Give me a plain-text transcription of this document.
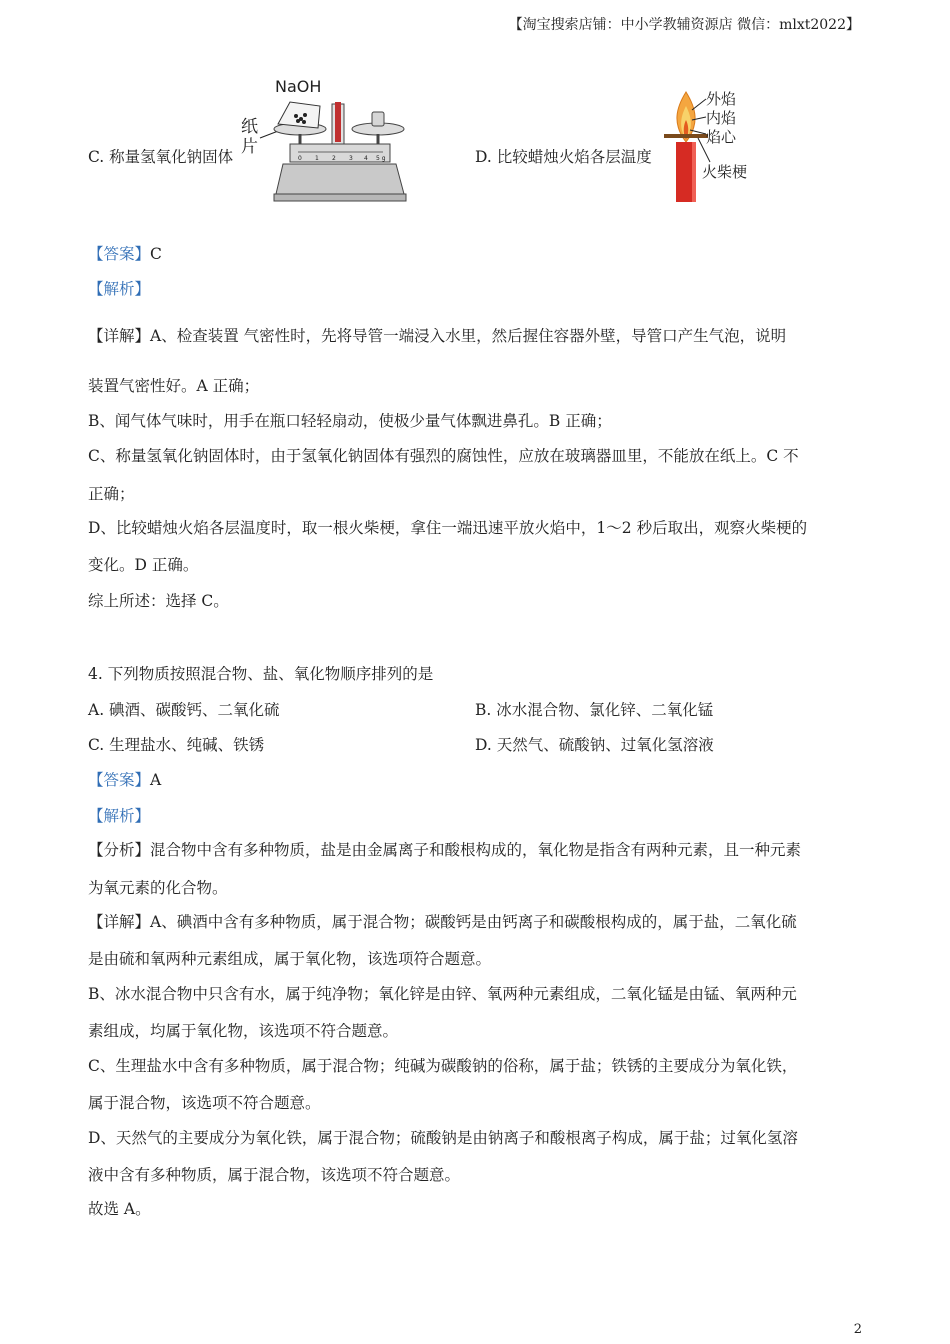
【淘宝搜索店铺：中小学教辅资源店 微信：mlxt2022】
C. 称量氢氧化钠固体
NaOH
纸
片
0 1 2 3 4 5 g	D. 比较蜡烛火焰各层温度
外焰
内焰
焰心
火柴梗
【答案】C
【解析】
【详解】A、检查装置 气密性时，先将导管一端浸入水里，然后握住容器外壁，导管口产生气泡，说明
装置气密性好。A 正确；
B、闻气体气味时，用手在瓶口轻轻扇动，使极少量气体飘进鼻孔。B 正确；
C、称量氢氧化钠固体时，由于氢氧化钠固体有强烈的腐蚀性，应放在玻璃器皿里，不能放在纸上。C 不
正确；
D、比较蜡烛火焰各层温度时，取一根火柴梗，拿住一端迅速平放火焰中，1～2 秒后取出，观察火柴梗的
变化。D 正确。
综上所述：选择 C。
4. 下列物质按照混合物、盐、氧化物顺序排列的是
A. 碘酒、碳酸钙、二氧化硫	B. 冰水混合物、氯化锌、二氧化锰
C. 生理盐水、纯碱、铁锈	D. 天然气、硫酸钠、过氧化氢溶液
【答案】A
【解析】
【分析】混合物中含有多种物质，盐是由金属离子和酸根构成的，氧化物是指含有两种元素，且一种元素
为氧元素的化合物。
【详解】A、碘酒中含有多种物质，属于混合物；碳酸钙是由钙离子和碳酸根构成的，属于盐，二氧化硫
是由硫和氧两种元素组成，属于氧化物，该选项符合题意。
B、冰水混合物中只含有水，属于纯净物；氧化锌是由锌、氧两种元素组成，二氧化锰是由锰、氧两种元
素组成，均属于氧化物，该选项不符合题意。
C、生理盐水中含有多种物质，属于混合物；纯碱为碳酸钠的俗称，属于盐；铁锈的主要成分为氧化铁，
属于混合物，该选项不符合题意。
D、天然气的主要成分为氧化铁，属于混合物；硫酸钠是由钠离子和酸根离子构成，属于盐；过氧化氢溶
液中含有多种物质，属于混合物，该选项不符合题意。
故选 A。
2
